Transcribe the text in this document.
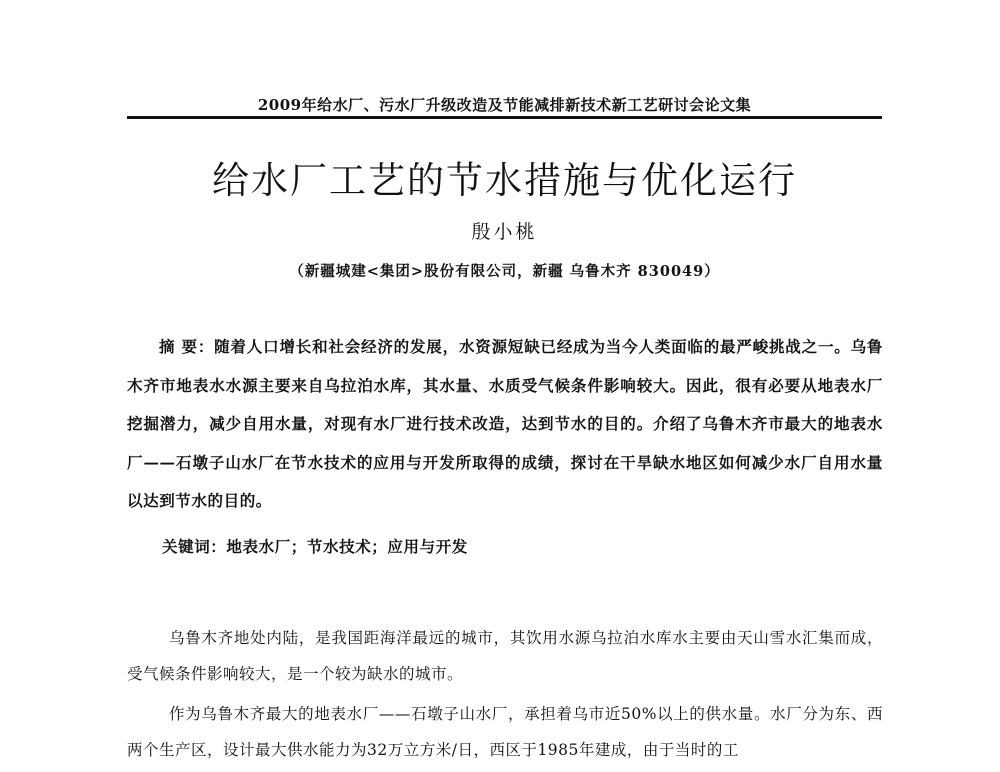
2009年给水厂、污水厂升级改造及节能减排新技术新工艺研讨会论文集
给水厂工艺的节水措施与优化运行
殷小桃
（新疆城建<集团>股份有限公司，新疆 乌鲁木齐 830049）
摘 要：随着人口增长和社会经济的发展，水资源短缺已经成为当今人类面临的最严峻挑战之一。乌鲁木齐市地表水水源主要来自乌拉泊水库，其水量、水质受气候条件影响较大。因此，很有必要从地表水厂挖掘潜力，减少自用水量，对现有水厂进行技术改造，达到节水的目的。介绍了乌鲁木齐市最大的地表水厂——石墩子山水厂在节水技术的应用与开发所取得的成绩，探讨在干旱缺水地区如何减少水厂自用水量以达到节水的目的。
关键词：地表水厂；节水技术；应用与开发

乌鲁木齐地处内陆，是我国距海洋最远的城市，其饮用水源乌拉泊水库水主要由天山雪水汇集而成，受气候条件影响较大，是一个较为缺水的城市。

作为乌鲁木齐最大的地表水厂——石墩子山水厂，承担着乌市近50%以上的供水量。水厂分为东、西两个生产区，设计最大供水能力为32万立方米/日，西区于1985年建成，由于当时的工
